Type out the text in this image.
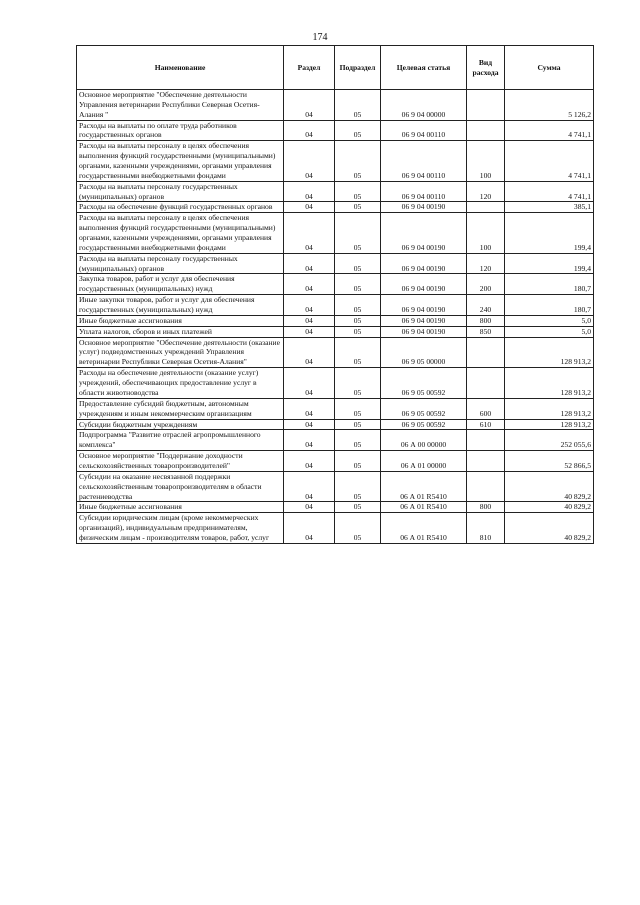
174
Наименование	Раздел	Подраздел	Целевая статья	Вид расхода	Сумма
Основное мероприятие "Обеспечение деятельности Управления ветеринарии Республики Северная Осетия-Алания "	04	05	06 9 04 00000		5 126,2
Расходы на выплаты по оплате труда работников государственных органов	04	05	06 9 04 00110		4 741,1
Расходы на выплаты персоналу в целях обеспечения выполнения функций государственными (муниципальными) органами, казенными учреждениями, органами управления государственными внебюджетными фондами	04	05	06 9 04 00110	100	4 741,1
Расходы на выплаты персоналу государственных (муниципальных) органов	04	05	06 9 04 00110	120	4 741,1
Расходы на обеспечение функций государственных органов	04	05	06 9 04 00190		385,1
Расходы на выплаты персоналу в целях обеспечения выполнения функций государственными (муниципальными) органами, казенными учреждениями, органами управления государственными внебюджетными фондами	04	05	06 9 04 00190	100	199,4
Расходы на выплаты персоналу государственных (муниципальных) органов	04	05	06 9 04 00190	120	199,4
Закупка товаров, работ и услуг для обеспечения государственных (муниципальных) нужд	04	05	06 9 04 00190	200	180,7
Иные закупки товаров, работ и услуг для обеспечения государственных (муниципальных) нужд	04	05	06 9 04 00190	240	180,7
Иные бюджетные ассигнования	04	05	06 9 04 00190	800	5,0
Уплата налогов, сборов и иных платежей	04	05	06 9 04 00190	850	5,0
Основное мероприятие "Обеспечение деятельности (оказание услуг) подведомственных учреждений Управления ветеринарии Республики Северная Осетия-Алания"	04	05	06 9 05 00000		128 913,2
Расходы на обеспечение деятельности (оказание услуг) учреждений, обеспечивающих предоставление услуг в области животноводства	04	05	06 9 05 00592		128 913,2
Предоставление субсидий бюджетным, автономным учреждениям и иным некоммерческим организациям	04	05	06 9 05 00592	600	128 913,2
Субсидии бюджетным учреждениям	04	05	06 9 05 00592	610	128 913,2
Подпрограмма "Развитие отраслей агропромышленного комплекса"	04	05	06 А 00 00000		252 055,6
Основное мероприятие "Поддержание доходности сельскохозяйственных товаропроизводителей"	04	05	06 А 01 00000		52 866,5
Субсидии на оказание несвязанной поддержки сельскохозяйственным товаропроизводителям в области растениеводства	04	05	06 А 01 R5410		40 829,2
Иные бюджетные ассигнования	04	05	06 А 01 R5410	800	40 829,2
Субсидии юридическим лицам (кроме некоммерческих организаций), индивидуальным предпринимателям, физическим лицам - производителям товаров, работ, услуг	04	05	06 А 01 R5410	810	40 829,2
